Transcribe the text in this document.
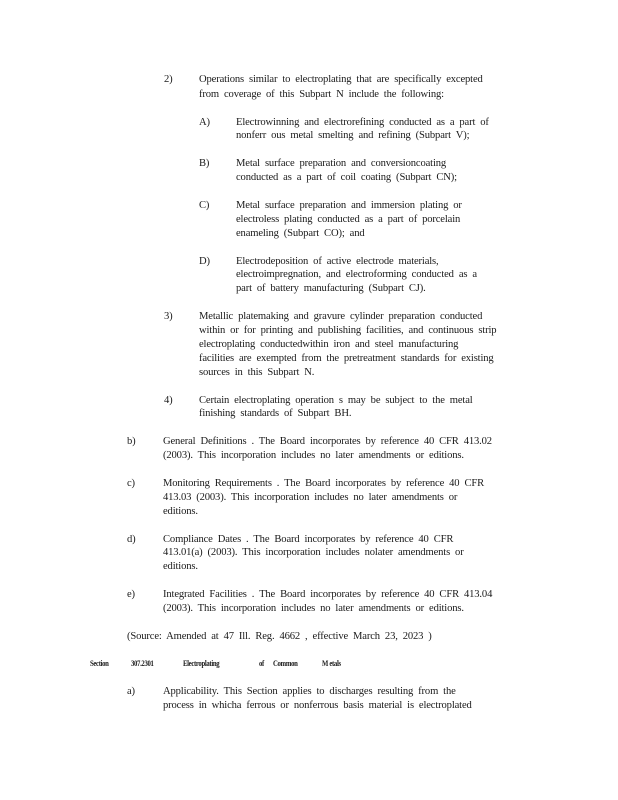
2) Operations similar to electroplating that are specifically excepted
from coverage of this Subpart N include the following:
A) Electrowinning and electrorefining conducted as a part of
nonferr ous metal smelting and refining (Subpart V);
B)	Metal surface preparation and conversioncoating
conducted as a part of coil coating (Subpart CN);
C)	Metal surface preparation and immersion plating or
electroless plating conducted as a part of porcelain
enameling (Subpart CO); and
D) Electrodeposition of active electrode materials,
electroimpregnation, and electroforming conducted as a
part of battery manufacturing (Subpart CJ).
3) Metallic platemaking and gravure cylinder preparation conducted
within or for printing and publishing facilities, and continuous strip
electroplating conductedwithin iron and steel manufacturing
facilities are exempted from the pretreatment standards for existing
sources in this Subpart N.
4) Certain electroplating operation s may be subject to the metal
finishing standards of Subpart BH.
b)	General Definitions . The Board incorporates by reference 40 CFR 413.02
(2003). This incorporation includes no later amendments or editions.
c)	Monitoring Requirements . The Board incorporates by reference 40 CFR
413.03 (2003). This incorporation includes no later amendments or
editions.
d)	Compliance Dates . The Board incorporates by reference 40 CFR
413.01(a) (2003). This incorporation includes nolater amendments or
editions.
e)	Integrated Facilities . The Board incorporates by reference 40 CFR 413.04
(2003). This incorporation includes no later amendments or editions.
(Source: Amended at 47 Ill. Reg. 4662 , effective March 23, 2023 )
Section	307.2301	Electroplating	of Common	M etals
a)	Applicability. This Section applies to discharges resulting from the
process in whicha ferrous or nonferrous basis material is electroplated
